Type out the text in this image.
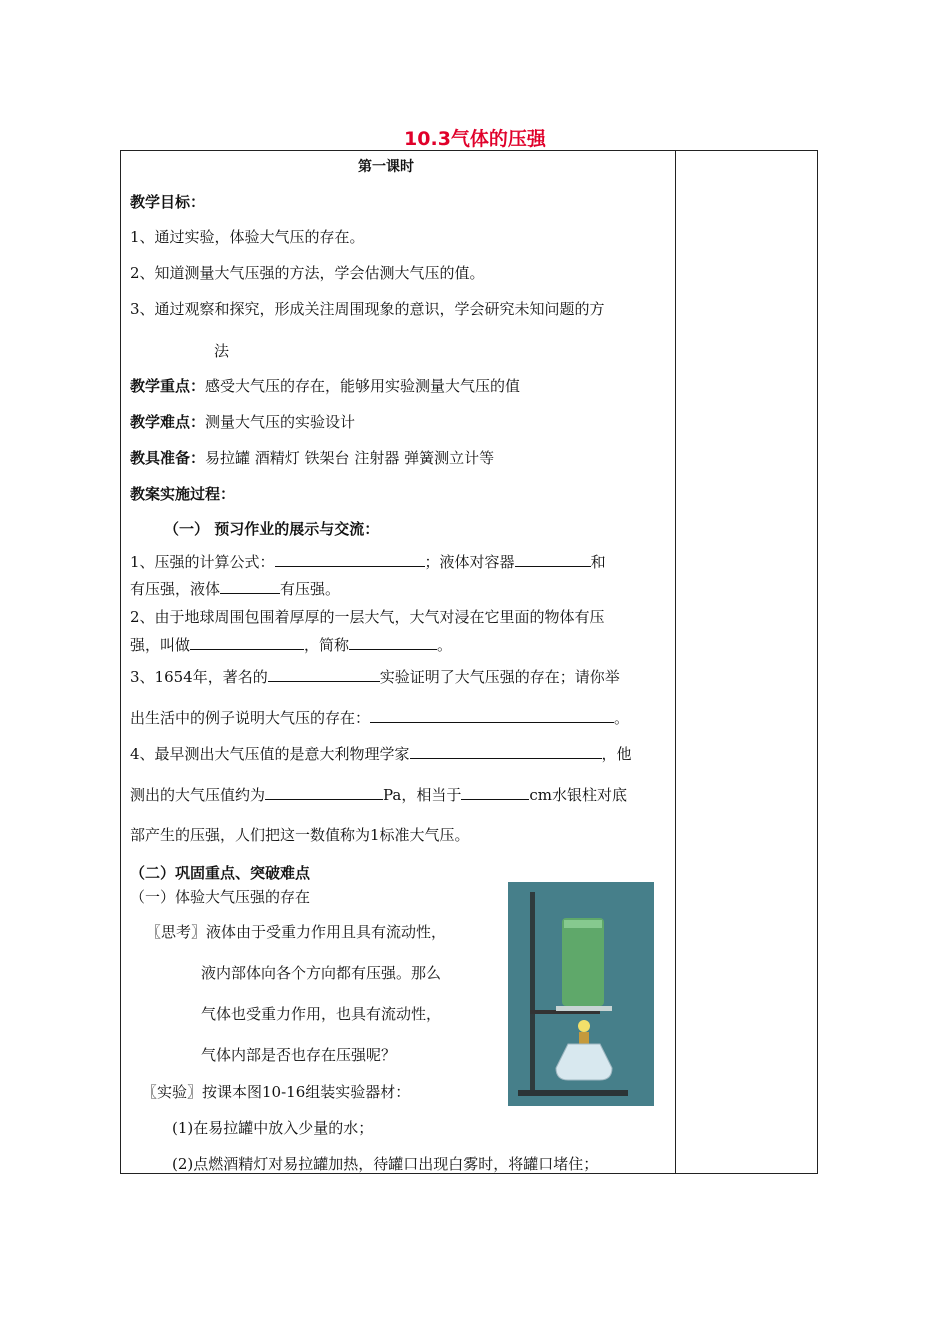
10.3气体的压强
第一课时
教学目标：
1、通过实验，体验大气压的存在。
2、知道测量大气压强的方法，学会估测大气压的值。
3、通过观察和探究，形成关注周围现象的意识，学会研究未知问题的方
法
教学重点：感受大气压的存在，能够用实验测量大气压的值
教学难点：测量大气压的实验设计
教具准备：易拉罐 酒精灯 铁架台 注射器 弹簧测立计等
教案实施过程：
（一） 预习作业的展示与交流：
1、压强的计算公式：	；液体对容器	和
有压强，液体	有压强。
2、由于地球周围包围着厚厚的一层大气，大气对浸在它里面的物体有压
强，叫做	，简称	。
3、1654年，著名的	实验证明了大气压强的存在；请你举
出生活中的例子说明大气压的存在：	。
4、最早测出大气压值的是意大利物理学家	，他
测出的大气压值约为	Pa，相当于	cm水银柱对底
部产生的压强，人们把这一数值称为1标准大气压。
（二）巩固重点、突破难点
（一）体验大气压强的存在
〖思考〗液体由于受重力作用且具有流动性，
液内部体向各个方向都有压强。那么
气体也受重力作用，也具有流动性，
气体内部是否也存在压强呢？
〖实验〗按课本图10-16组装实验器材：
(1)在易拉罐中放入少量的水；
(2)点燃酒精灯对易拉罐加热，待罐口出现白雾时，将罐口堵住；
